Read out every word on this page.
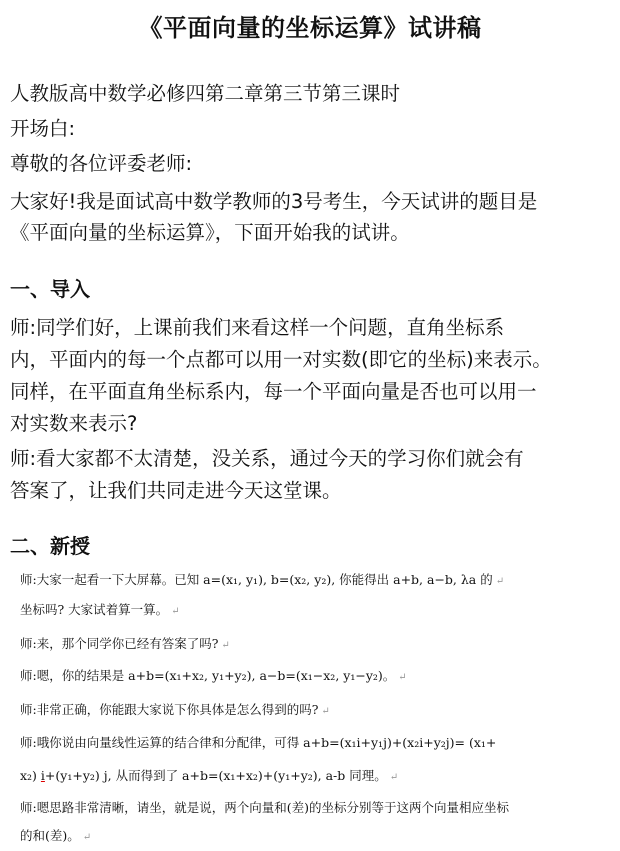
《平面向量的坐标运算》试讲稿
人教版高中数学必修四第二章第三节第三课时
开场白:
尊敬的各位评委老师:
大家好!我是面试高中数学教师的3号考生，今天试讲的题目是
《平面向量的坐标运算》，下面开始我的试讲。
一、导入
师:同学们好，上课前我们来看这样一个问题，直角坐标系
内，平面内的每一个点都可以用一对实数(即它的坐标)来表示。
同样，在平面直角坐标系内，每一个平面向量是否也可以用一
对实数来表示?
师:看大家都不太清楚，没关系，通过今天的学习你们就会有
答案了，让我们共同走进今天这堂课。
二、新授
师:大家一起看一下大屏幕。已知 a=(x₁, y₁), b=(x₂, y₂), 你能得出 a+b, a−b, λa 的 ↵
坐标吗? 大家试着算一算。 ↵
师:来，那个同学你已经有答案了吗? ↵
师:嗯，你的结果是 a+b=(x₁+x₂, y₁+y₂), a−b=(x₁−x₂, y₁−y₂)。 ↵
师:非常正确，你能跟大家说下你具体是怎么得到的吗? ↵
师:哦你说由向量线性运算的结合律和分配律，可得 a+b=(x₁i+y₁j)+(x₂i+y₂j)= (x₁+
x₂) i+(y₁+y₂) j, 从而得到了 a+b=(x₁+x₂)+(y₁+y₂), a-b 同理。 ↵
师:嗯思路非常清晰，请坐，就是说，两个向量和(差)的坐标分别等于这两个向量相应坐标
的和(差)。 ↵
